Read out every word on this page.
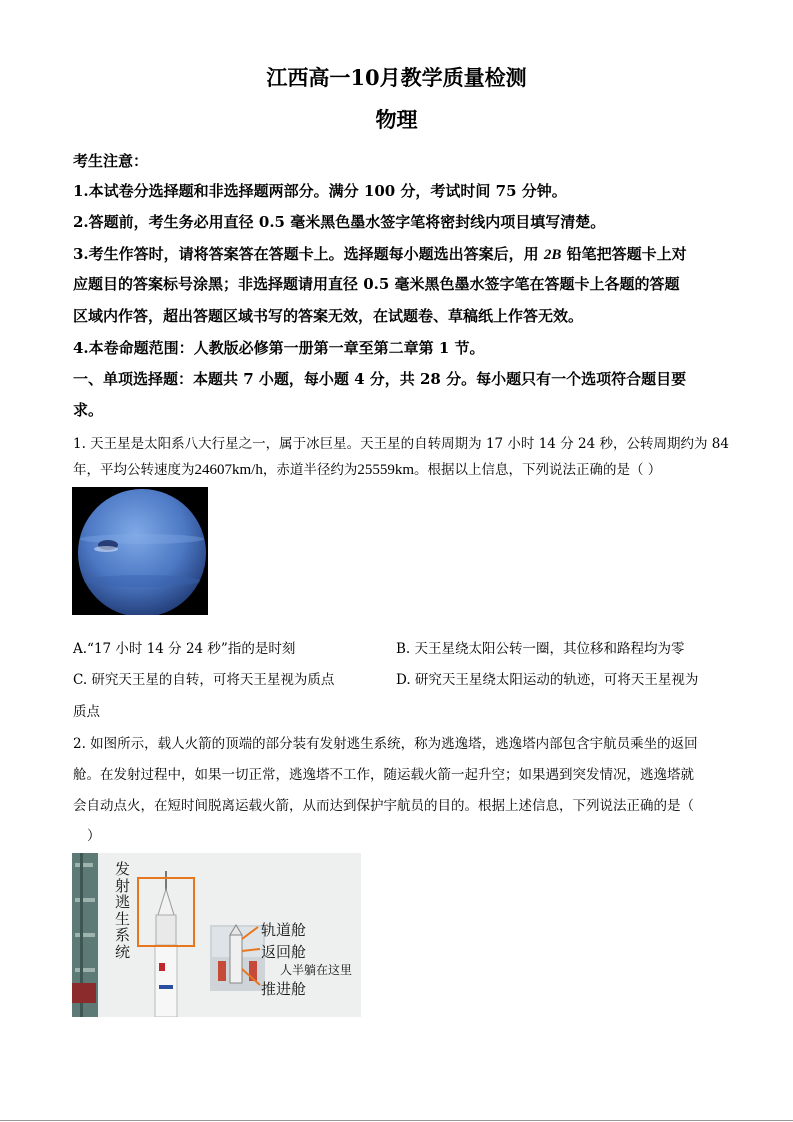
江西高一10月教学质量检测
物理
考生注意：
1.本试卷分选择题和非选择题两部分。满分 100 分，考试时间 75 分钟。
2.答题前，考生务必用直径 0.5 毫米黑色墨水签字笔将密封线内项目填写清楚。
3.考生作答时，请将答案答在答题卡上。选择题每小题选出答案后，用 2B 铅笔把答题卡上对
应题目的答案标号涂黑；非选择题请用直径 0.5 毫米黑色墨水签字笔在答题卡上各题的答题
区域内作答，超出答题区域书写的答案无效，在试题卷、草稿纸上作答无效。
4.本卷命题范围：人教版必修第一册第一章至第二章第 1 节。
一、单项选择题：本题共 7 小题，每小题 4 分，共 28 分。每小题只有一个选项符合题目要
求。
1. 天王星是太阳系八大行星之一，属于冰巨星。天王星的自转周期为 17 小时 14 分 24 秒，公转周期约为 84
年，平均公转速度为24607km/h，赤道半径约为25559km。根据以上信息，下列说法正确的是（ ）
A.“17 小时 14 分 24 秒”指的是时刻	B. 天王星绕太阳公转一圈，其位移和路程均为零
C. 研究天王星的自转，可将天王星视为质点	D. 研究天王星绕太阳运动的轨迹，可将天王星视为
质点
2. 如图所示，载人火箭的顶端的部分装有发射逃生系统，称为逃逸塔，逃逸塔内部包含宇航员乘坐的返回
舱。在发射过程中，如果一切正常，逃逸塔不工作，随运载火箭一起升空；如果遇到突发情况，逃逸塔就
会自动点火，在短时间脱离运载火箭，从而达到保护宇航员的目的。根据上述信息，下列说法正确的是（
）
发
射
逃
生
系
统
轨道舱
返回舱
人半躺在这里
推进舱
